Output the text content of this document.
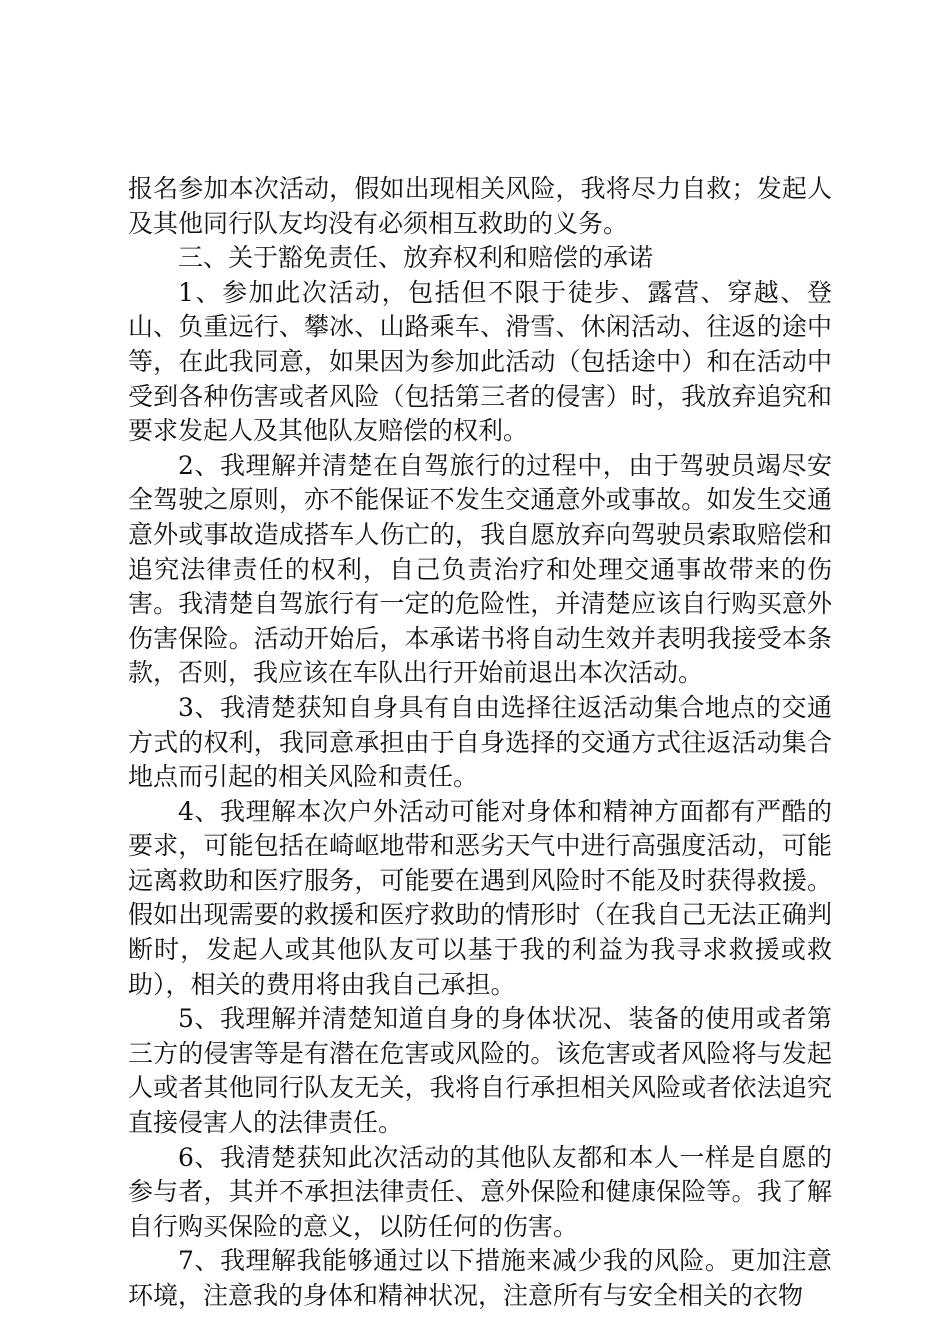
报名参加本次活动，假如出现相关风险，我将尽力自救；发起人及其他同行队友均没有必须相互救助的义务。

三、关于豁免责任、放弃权利和赔偿的承诺

1、参加此次活动，包括但不限于徒步、露营、穿越、登山、负重远行、攀冰、山路乘车、滑雪、休闲活动、往返的途中等，在此我同意，如果因为参加此活动（包括途中）和在活动中受到各种伤害或者风险（包括第三者的侵害）时，我放弃追究和要求发起人及其他队友赔偿的权利。

2、我理解并清楚在自驾旅行的过程中，由于驾驶员竭尽安全驾驶之原则，亦不能保证不发生交通意外或事故。如发生交通意外或事故造成搭车人伤亡的，我自愿放弃向驾驶员索取赔偿和追究法律责任的权利，自己负责治疗和处理交通事故带来的伤害。我清楚自驾旅行有一定的危险性，并清楚应该自行购买意外伤害保险。活动开始后，本承诺书将自动生效并表明我接受本条款，否则，我应该在车队出行开始前退出本次活动。

3、我清楚获知自身具有自由选择往返活动集合地点的交通方式的权利，我同意承担由于自身选择的交通方式往返活动集合地点而引起的相关风险和责任。

4、我理解本次户外活动可能对身体和精神方面都有严酷的要求，可能包括在崎岖地带和恶劣天气中进行高强度活动，可能远离救助和医疗服务，可能要在遇到风险时不能及时获得救援。假如出现需要的救援和医疗救助的情形时（在我自己无法正确判断时，发起人或其他队友可以基于我的利益为我寻求救援或救助），相关的费用将由我自己承担。

5、我理解并清楚知道自身的身体状况、装备的使用或者第三方的侵害等是有潜在危害或风险的。该危害或者风险将与发起人或者其他同行队友无关，我将自行承担相关风险或者依法追究直接侵害人的法律责任。

6、我清楚获知此次活动的其他队友都和本人一样是自愿的参与者，其并不承担法律责任、意外保险和健康保险等。我了解自行购买保险的意义，以防任何的伤害。

7、我理解我能够通过以下措施来减少我的风险。更加注意环境，注意我的身体和精神状况，注意所有与安全相关的衣物
